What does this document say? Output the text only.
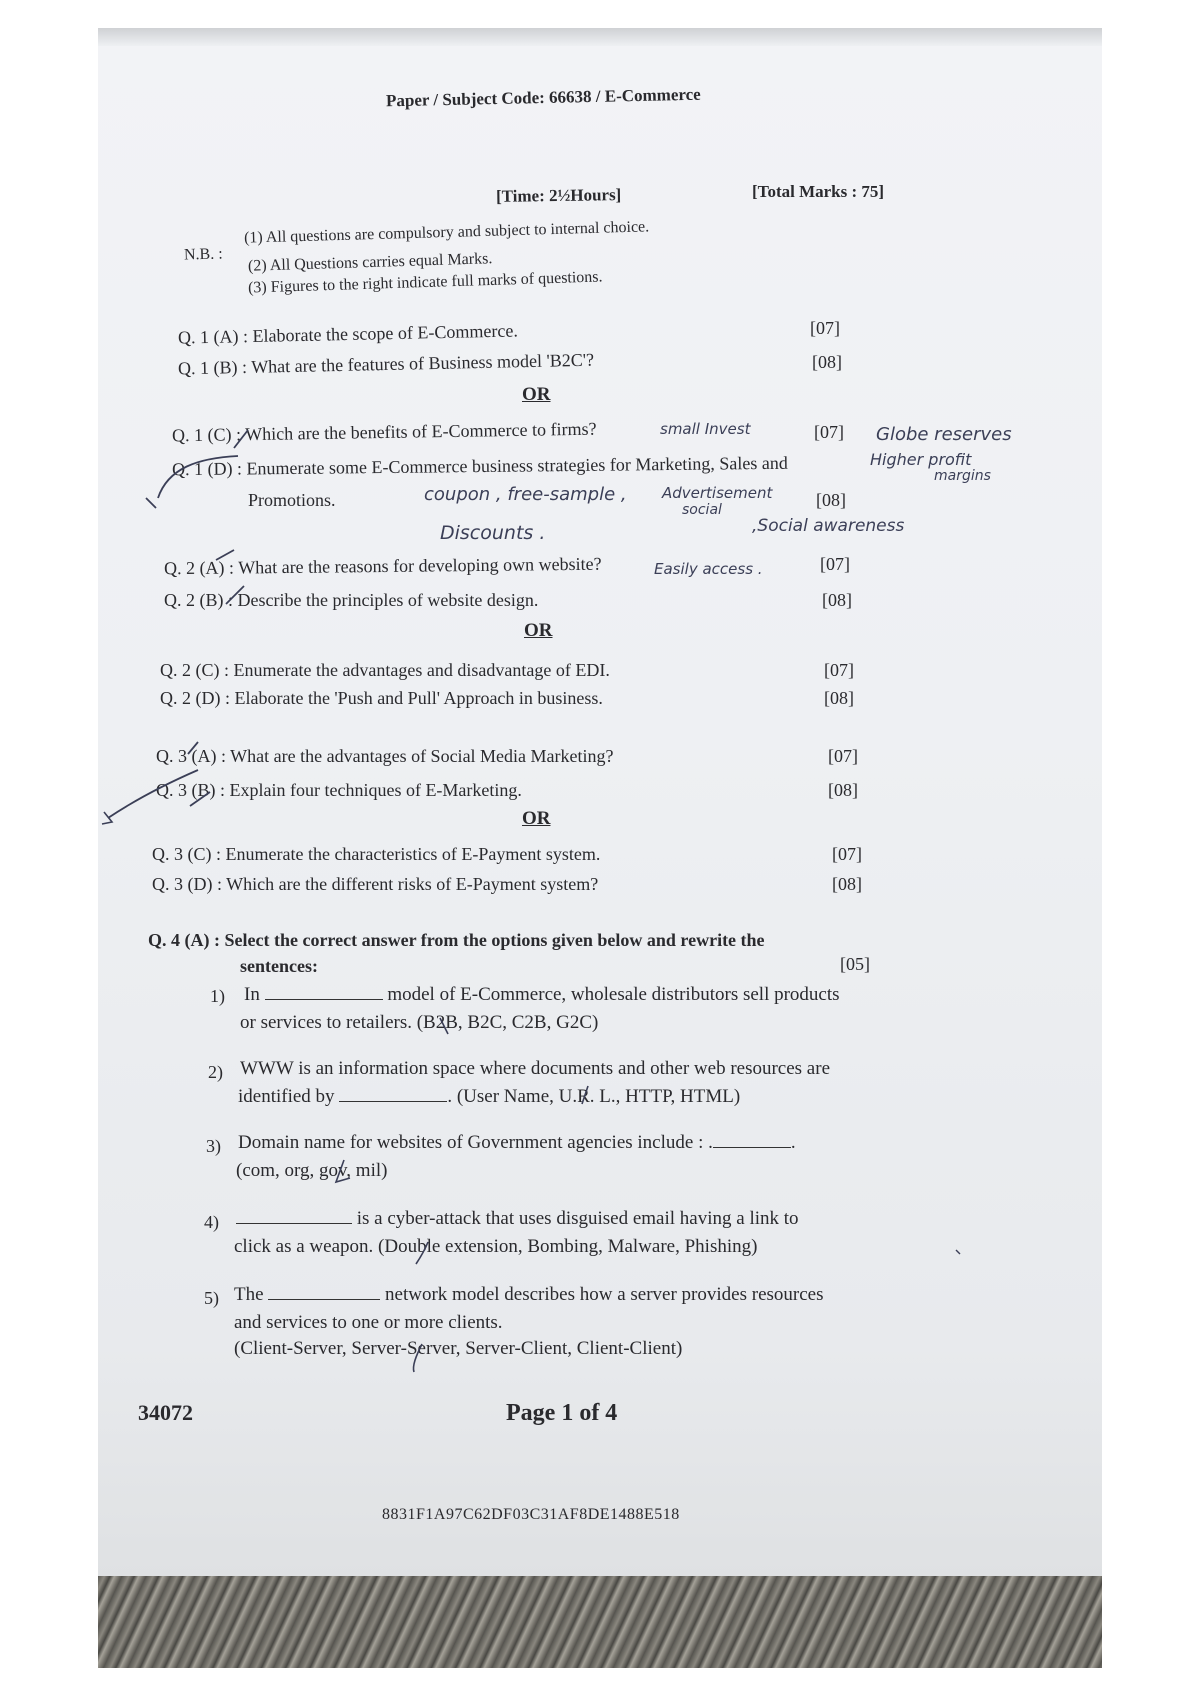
Paper / Subject Code: 66638 / E-Commerce
[Time: 2½Hours]	[Total Marks : 75]
N.B. :
(1) All questions are compulsory and subject to internal choice.
(2) All Questions carries equal Marks.
(3) Figures to the right indicate full marks of questions.
Q. 1 (A) : Elaborate the scope of E-Commerce.	[07]
Q. 1 (B) : What are the features of Business model 'B2C'?	[08]
OR
Q. 1 (C) : Which are the benefits of E-Commerce to firms?	[07]
Q. 1 (D) : Enumerate some E-Commerce business strategies for Marketing, Sales and
Promotions.	[08]
Q. 2 (A) : What are the reasons for developing own website?	[07]
Q. 2 (B) : Describe the principles of website design.	[08]
OR
Q. 2 (C) : Enumerate the advantages and disadvantage of EDI.	[07]
Q. 2 (D) : Elaborate the 'Push and Pull' Approach in business.	[08]
Q. 3 (A) : What are the advantages of Social Media Marketing?	[07]
Q. 3 (B) : Explain four techniques of E-Marketing.	[08]
OR
Q. 3 (C) : Enumerate the characteristics of E-Payment system.	[07]
Q. 3 (D) : Which are the different risks of E-Payment system?	[08]
Q. 4 (A) : Select the correct answer from the options given below and rewrite the
sentences:	[05]
1) In	model of E-Commerce, wholesale distributors sell products
or services to retailers. (B2B, B2C, C2B, G2C)
2) WWW is an information space where documents and other web resources are
identified by	. (User Name, U.R. L., HTTP, HTML)
3) Domain name for websites of Government agencies include : .	.
(com, org, gov, mil)
4)	is a cyber-attack that uses disguised email having a link to
click as a weapon. (Double extension, Bombing, Malware, Phishing)
5) The	network model describes how a server provides resources
and services to one or more clients.
(Client-Server, Server-Server, Server-Client, Client-Client)
34072	Page 1 of 4
8831F1A97C62DF03C31AF8DE1488E518
small Invest	Globe reserves
Higher profit
margins
coupon , free-sample , Advertisement
social
Discounts .	,Social awareness
Easily access .
